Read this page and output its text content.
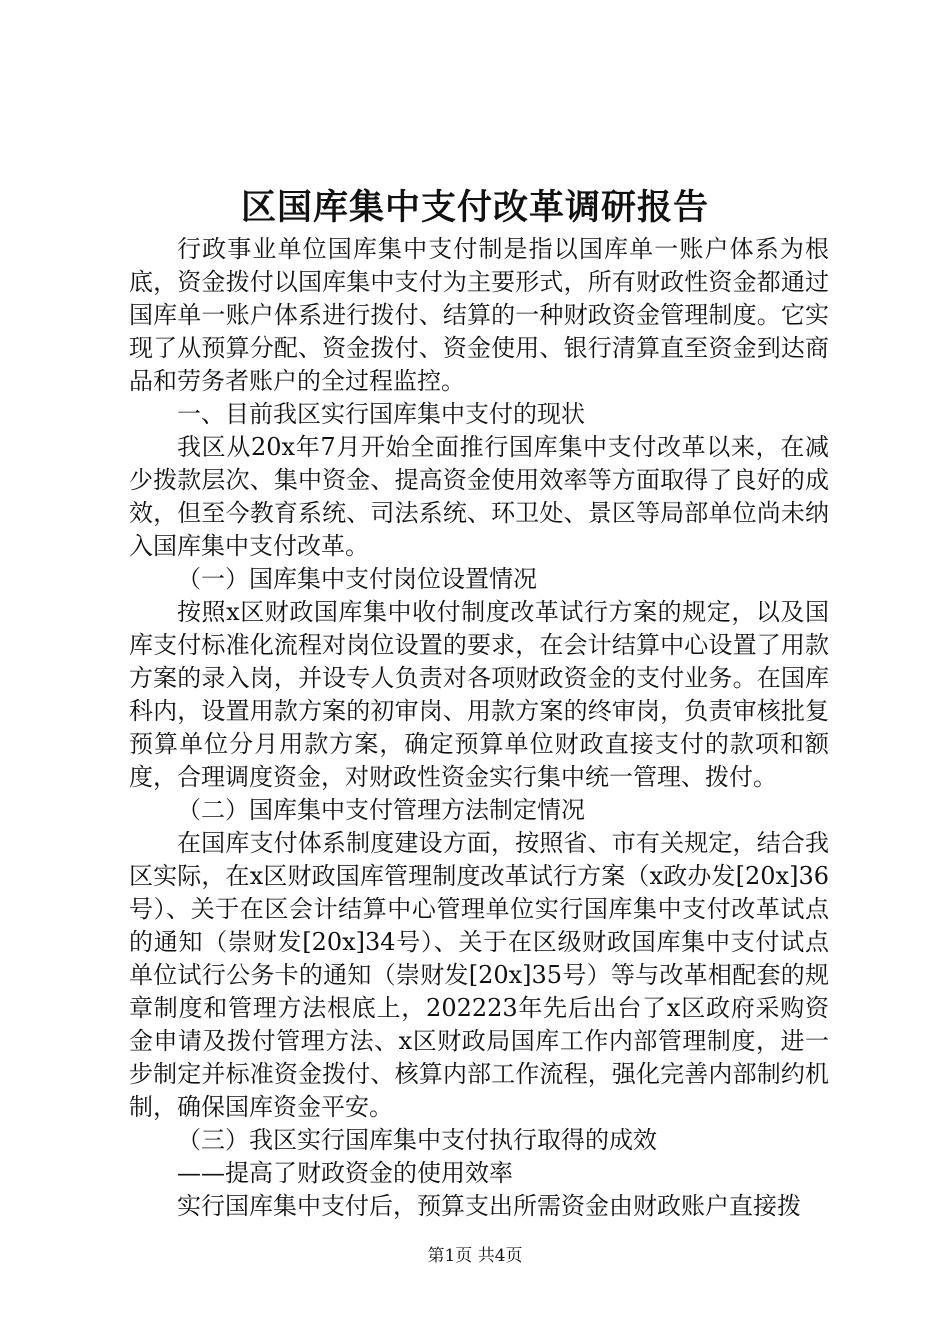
区国库集中支付改革调研报告

行政事业单位国库集中支付制是指以国库单一账户体系为根底，资金拨付以国库集中支付为主要形式，所有财政性资金都通过国库单一账户体系进行拨付、结算的一种财政资金管理制度。它实现了从预算分配、资金拨付、资金使用、银行清算直至资金到达商品和劳务者账户的全过程监控。

一、目前我区实行国库集中支付的现状

我区从20x年7月开始全面推行国库集中支付改革以来，在减少拨款层次、集中资金、提高资金使用效率等方面取得了良好的成效，但至今教育系统、司法系统、环卫处、景区等局部单位尚未纳入国库集中支付改革。

（一）国库集中支付岗位设置情况

按照x区财政国库集中收付制度改革试行方案的规定，以及国库支付标准化流程对岗位设置的要求，在会计结算中心设置了用款方案的录入岗，并设专人负责对各项财政资金的支付业务。在国库科内，设置用款方案的初审岗、用款方案的终审岗，负责审核批复预算单位分月用款方案，确定预算单位财政直接支付的款项和额度，合理调度资金，对财政性资金实行集中统一管理、拨付。

（二）国库集中支付管理方法制定情况

在国库支付体系制度建设方面，按照省、市有关规定，结合我区实际，在x区财政国库管理制度改革试行方案（x政办发[20x]36号）、关于在区会计结算中心管理单位实行国库集中支付改革试点的通知（崇财发[20x]34号）、关于在区级财政国库集中支付试点单位试行公务卡的通知（崇财发[20x]35号）等与改革相配套的规章制度和管理方法根底上，202223年先后出台了x区政府采购资金申请及拨付管理方法、x区财政局国库工作内部管理制度，进一步制定并标准资金拨付、核算内部工作流程，强化完善内部制约机制，确保国库资金平安。

（三）我区实行国库集中支付执行取得的成效

——提高了财政资金的使用效率

实行国库集中支付后，预算支出所需资金由财政账户直接拨

第1页 共4页
